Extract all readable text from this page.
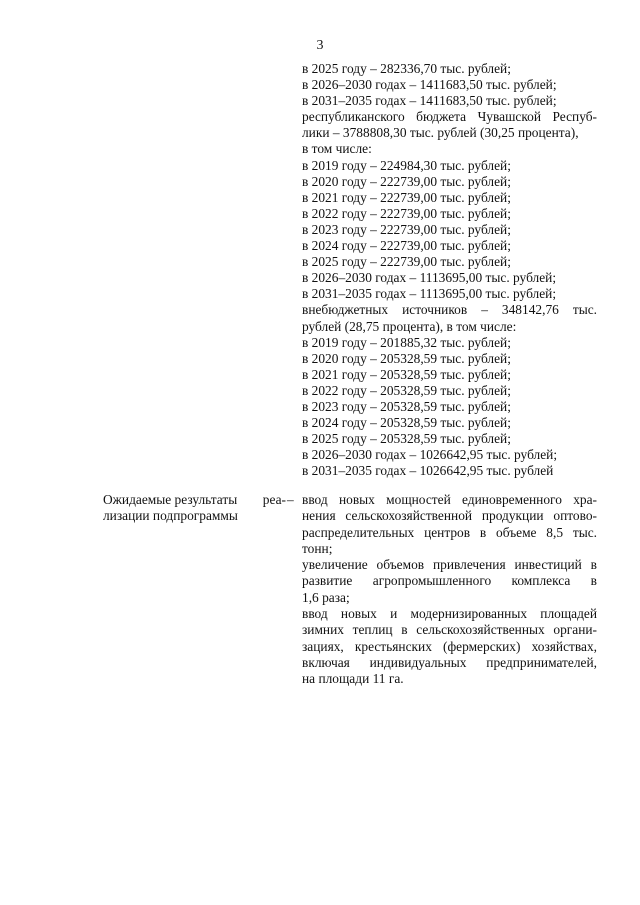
3
в 2025 году – 282336,70 тыс. рублей;
в 2026–2030 годах – 1411683,50 тыс. рублей;
в 2031–2035 годах – 1411683,50 тыс. рублей;
республиканского бюджета Чувашской Респуб-
лики – 3788808,30 тыс. рублей (30,25 процента),
в том числе:
в 2019 году – 224984,30 тыс. рублей;
в 2020 году – 222739,00 тыс. рублей;
в 2021 году – 222739,00 тыс. рублей;
в 2022 году – 222739,00 тыс. рублей;
в 2023 году – 222739,00 тыс. рублей;
в 2024 году – 222739,00 тыс. рублей;
в 2025 году – 222739,00 тыс. рублей;
в 2026–2030 годах – 1113695,00 тыс. рублей;
в 2031–2035 годах – 1113695,00 тыс. рублей;
внебюджетных источников – 348142,76 тыс.
рублей (28,75 процента), в том числе:
в 2019 году – 201885,32 тыс. рублей;
в 2020 году – 205328,59 тыс. рублей;
в 2021 году – 205328,59 тыс. рублей;
в 2022 году – 205328,59 тыс. рублей;
в 2023 году – 205328,59 тыс. рублей;
в 2024 году – 205328,59 тыс. рублей;
в 2025 году – 205328,59 тыс. рублей;
в 2026–2030 годах – 1026642,95 тыс. рублей;
в 2031–2035 годах – 1026642,95 тыс. рублей
Ожидаемые результаты реа-
лизации подпрограммы
– ввод новых мощностей единовременного хра-
нения сельскохозяйственной продукции оптово-
распределительных центров в объеме 8,5 тыс.
тонн;
увеличение объемов привлечения инвестиций в
развитие агропромышленного комплекса в
1,6 раза;
ввод новых и модернизированных площадей
зимних теплиц в сельскохозяйственных органи-
зациях, крестьянских (фермерских) хозяйствах,
включая индивидуальных предпринимателей,
на площади 11 га.
